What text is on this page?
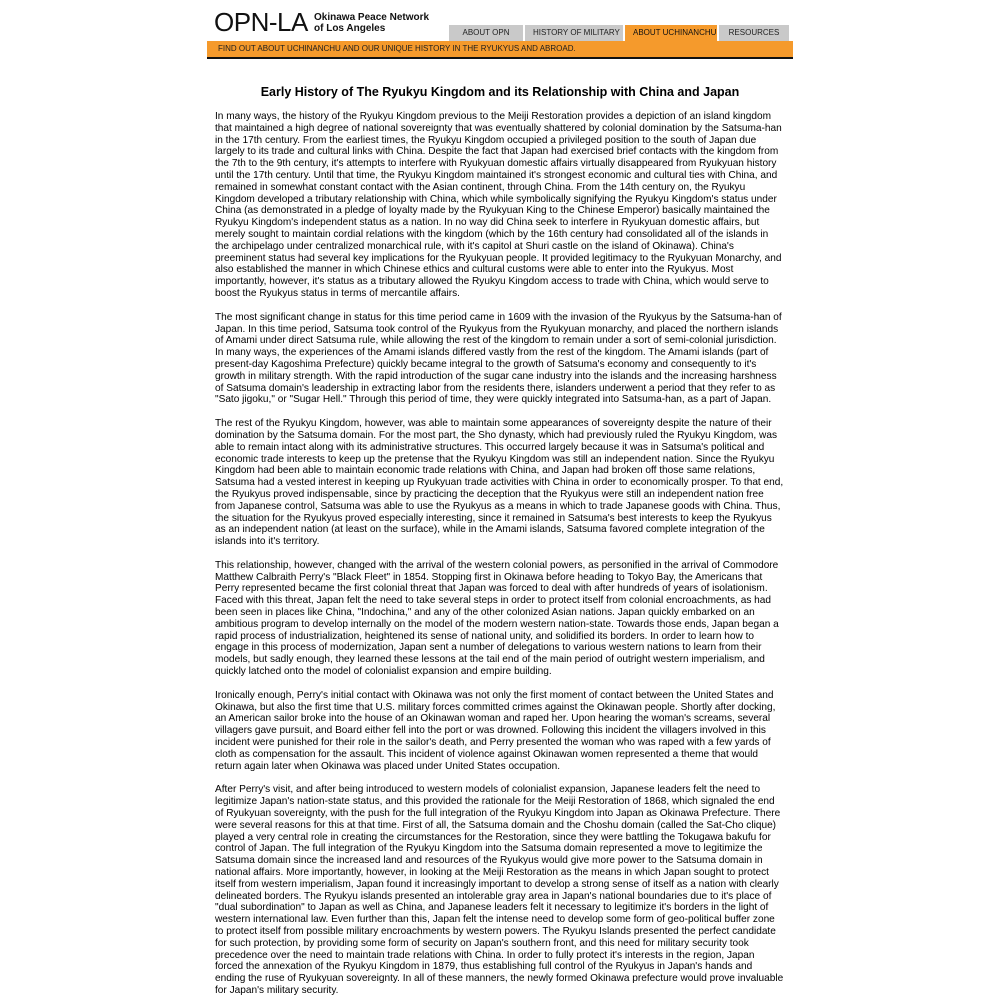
OPN-LA Okinawa Peace Network
of Los Angeles	ABOUT OPN	HISTORY OF MILITARY	ABOUT UCHINANCHU	RESOURCES
FIND OUT ABOUT UCHINANCHU AND OUR UNIQUE HISTORY IN THE RYUKYUS AND ABROAD.
Early History of The Ryukyu Kingdom and its Relationship with China and Japan

In many ways, the history of the Ryukyu Kingdom previous to the Meiji Restoration provides a depiction of an island kingdom that maintained a high degree of national sovereignty that was eventually shattered by colonial domination by the Satsuma-han in the 17th century. From the earliest times, the Ryukyu Kingdom occupied a privileged position to the south of Japan due largely to its trade and cultural links with China. Despite the fact that Japan had exercised brief contacts with the kingdom from the 7th to the 9th century, it's attempts to interfere with Ryukyuan domestic affairs virtually disappeared from Ryukyuan history until the 17th century. Until that time, the Ryukyu Kingdom maintained it's strongest economic and cultural ties with China, and remained in somewhat constant contact with the Asian continent, through China. From the 14th century on, the Ryukyu Kingdom developed a tributary relationship with China, which while symbolically signifying the Ryukyu Kingdom's status under China (as demonstrated in a pledge of loyalty made by the Ryukyuan King to the Chinese Emperor) basically maintained the Ryukyu Kingdom's independent status as a nation. In no way did China seek to interfere in Ryukyuan domestic affairs, but merely sought to maintain cordial relations with the kingdom (which by the 16th century had consolidated all of the islands in the archipelago under centralized monarchical rule, with it's capitol at Shuri castle on the island of Okinawa). China's preeminent status had several key implications for the Ryukyuan people. It provided legitimacy to the Ryukyuan Monarchy, and also established the manner in which Chinese ethics and cultural customs were able to enter into the Ryukyus. Most importantly, however, it's status as a tributary allowed the Ryukyu Kingdom access to trade with China, which would serve to boost the Ryukyus status in terms of mercantile affairs.

The most significant change in status for this time period came in 1609 with the invasion of the Ryukyus by the Satsuma-han of Japan. In this time period, Satsuma took control of the Ryukyus from the Ryukyuan monarchy, and placed the northern islands of Amami under direct Satsuma rule, while allowing the rest of the kingdom to remain under a sort of semi-colonial jurisdiction. In many ways, the experiences of the Amami islands differed vastly from the rest of the kingdom. The Amami islands (part of present-day Kagoshima Prefecture) quickly became integral to the growth of Satsuma's economy and consequently to it's growth in military strength. With the rapid introduction of the sugar cane industry into the islands and the increasing harshness of Satsuma domain's leadership in extracting labor from the residents there, islanders underwent a period that they refer to as "Sato jigoku," or "Sugar Hell." Through this period of time, they were quickly integrated into Satsuma-han, as a part of Japan.

The rest of the Ryukyu Kingdom, however, was able to maintain some appearances of sovereignty despite the nature of their domination by the Satsuma domain. For the most part, the Sho dynasty, which had previously ruled the Ryukyu Kingdom, was able to remain intact along with its administrative structures. This occurred largely because it was in Satsuma's political and economic trade interests to keep up the pretense that the Ryukyu Kingdom was still an independent nation. Since the Ryukyu Kingdom had been able to maintain economic trade relations with China, and Japan had broken off those same relations, Satsuma had a vested interest in keeping up Ryukyuan trade activities with China in order to economically prosper. To that end, the Ryukyus proved indispensable, since by practicing the deception that the Ryukyus were still an independent nation free from Japanese control, Satsuma was able to use the Ryukyus as a means in which to trade Japanese goods with China. Thus, the situation for the Ryukyus proved especially interesting, since it remained in Satsuma's best interests to keep the Ryukyus as an independent nation (at least on the surface), while in the Amami islands, Satsuma favored complete integration of the islands into it's territory.

This relationship, however, changed with the arrival of the western colonial powers, as personified in the arrival of Commodore Matthew Calbraith Perry's "Black Fleet" in 1854. Stopping first in Okinawa before heading to Tokyo Bay, the Americans that Perry represented became the first colonial threat that Japan was forced to deal with after hundreds of years of isolationism. Faced with this threat, Japan felt the need to take several steps in order to protect itself from colonial encroachments, as had been seen in places like China, "Indochina," and any of the other colonized Asian nations. Japan quickly embarked on an ambitious program to develop internally on the model of the modern western nation-state. Towards those ends, Japan began a rapid process of industrialization, heightened its sense of national unity, and solidified its borders. In order to learn how to engage in this process of modernization, Japan sent a number of delegations to various western nations to learn from their models, but sadly enough, they learned these lessons at the tail end of the main period of outright western imperialism, and quickly latched onto the model of colonialist expansion and empire building.

Ironically enough, Perry's initial contact with Okinawa was not only the first moment of contact between the United States and Okinawa, but also the first time that U.S. military forces committed crimes against the Okinawan people. Shortly after docking, an American sailor broke into the house of an Okinawan woman and raped her. Upon hearing the woman's screams, several villagers gave pursuit, and Board either fell into the port or was drowned. Following this incident the villagers involved in this incident were punished for their role in the sailor's death, and Perry presented the woman who was raped with a few yards of cloth as compensation for the assault. This incident of violence against Okinawan women represented a theme that would return again later when Okinawa was placed under United States occupation.

After Perry's visit, and after being introduced to western models of colonialist expansion, Japanese leaders felt the need to legitimize Japan's nation-state status, and this provided the rationale for the Meiji Restoration of 1868, which signaled the end of Ryukyuan sovereignty, with the push for the full integration of the Ryukyu Kingdom into Japan as Okinawa Prefecture. There were several reasons for this at that time. First of all, the Satsuma domain and the Choshu domain (called the Sat-Cho clique) played a very central role in creating the circumstances for the Restoration, since they were battling the Tokugawa bakufu for control of Japan. The full integration of the Ryukyu Kingdom into the Satsuma domain represented a move to legitimize the Satsuma domain since the increased land and resources of the Ryukyus would give more power to the Satsuma domain in national affairs. More importantly, however, in looking at the Meiji Restoration as the means in which Japan sought to protect itself from western imperialism, Japan found it increasingly important to develop a strong sense of itself as a nation with clearly delineated borders. The Ryukyu islands presented an intolerable gray area in Japan's national boundaries due to it's place of "dual subordination" to Japan as well as China, and Japanese leaders felt it necessary to legitimize it's borders in the light of western international law. Even further than this, Japan felt the intense need to develop some form of geo-political buffer zone to protect itself from possible military encroachments by western powers. The Ryukyu Islands presented the perfect candidate for such protection, by providing some form of security on Japan's southern front, and this need for military security took precedence over the need to maintain trade relations with China. In order to fully protect it's interests in the region, Japan forced the annexation of the Ryukyu Kingdom in 1879, thus establishing full control of the Ryukyus in Japan's hands and ending the ruse of Ryukyuan sovereignty. In all of these manners, the newly formed Okinawa prefecture would prove invaluable for Japan's military security.
